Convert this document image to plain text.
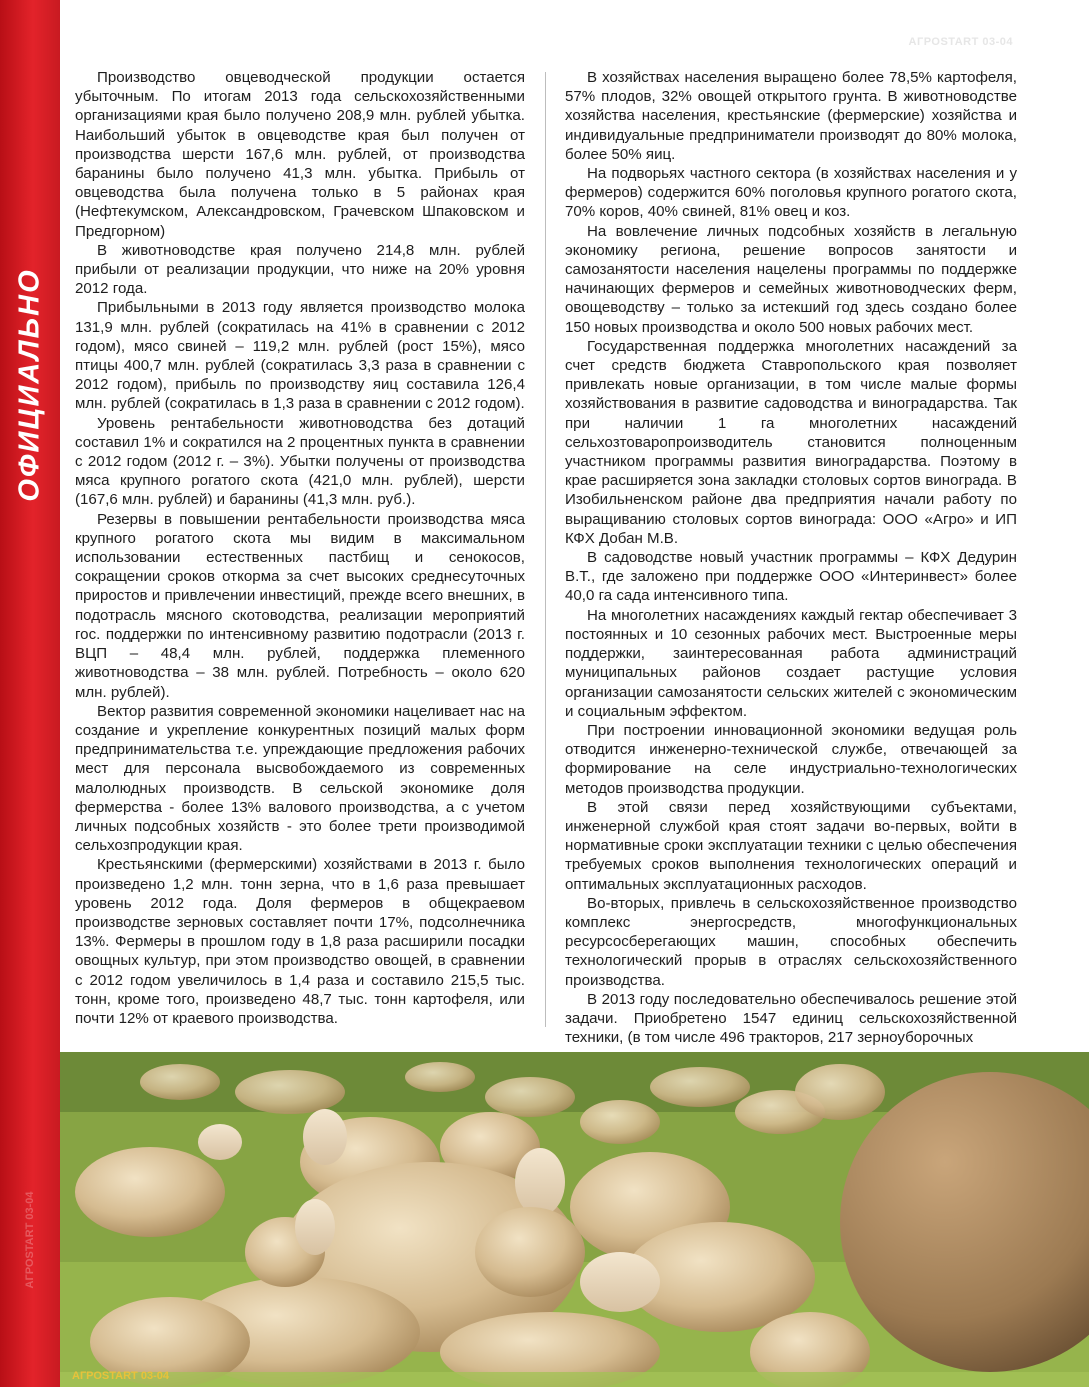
ОФИЦИАЛЬНО
АГРОSTART 03-04
АГРОSTART 03-04

Производство овцеводческой продукции остается убыточным. По итогам 2013 года сельскохозяйственными организациями края было получено 208,9 млн. рублей убытка. Наибольший убыток в овцеводстве края был получен от производства шерсти 167,6 млн. рублей, от производства баранины было получено 41,3 млн. убытка. Прибыль от овцеводства была получена только в 5 районах края (Нефтекумском, Александровском, Грачевском Шпаковском и Предгорном)

В животноводстве края получено 214,8 млн. рублей прибыли от реализации продукции, что ниже на 20% уровня 2012 года.

Прибыльными в 2013 году является производство молока 131,9 млн. рублей (сократилась на 41% в сравнении с 2012 годом), мясо свиней – 119,2 млн. рублей (рост 15%), мясо птицы 400,7 млн. рублей (сократилась 3,3 раза в сравнении с 2012 годом), прибыль по производству яиц составила 126,4 млн. рублей (сократилась в 1,3 раза в сравнении с 2012 годом).

Уровень рентабельности животноводства без дотаций составил 1% и сократился на 2 процентных пункта в сравнении с 2012 годом (2012 г. – 3%). Убытки получены от производства мяса крупного рогатого скота (421,0 млн. рублей), шерсти (167,6 млн. рублей) и баранины (41,3 млн. руб.).

Резервы в повышении рентабельности производства мяса крупного рогатого скота мы видим в максимальном использовании естественных пастбищ и сенокосов, сокращении сроков откорма за счет высоких среднесуточных приростов и привлечении инвестиций, прежде всего внешних, в подотрасль мясного скотоводства, реализации мероприятий гос. поддержки по интенсивному развитию подотрасли (2013 г. ВЦП – 48,4 млн. рублей, поддержка племенного животноводства – 38 млн. рублей. Потребность – около 620 млн. рублей).

Вектор развития современной экономики нацеливает нас на создание и укрепление конкурентных позиций малых форм предпринимательства т.е. упреждающие предложения рабочих мест для персонала высвобождаемого из современных малолюдных производств. В сельской экономике доля фермерства - более 13% валового производства, а с учетом личных подсобных хозяйств - это более трети производимой сельхозпродукции края.

Крестьянскими (фермерскими) хозяйствами в 2013 г. было произведено 1,2 млн. тонн зерна, что в 1,6 раза превышает уровень 2012 года. Доля фермеров в общекраевом производстве зерновых составляет почти 17%, подсолнечника 13%. Фермеры в прошлом году в 1,8 раза расширили посадки овощных культур, при этом производство овощей, в сравнении с 2012 годом увеличилось в 1,4 раза и составило 215,5 тыс. тонн, кроме того, произведено 48,7 тыс. тонн картофеля, или почти 12% от краевого производства.

В хозяйствах населения выращено более 78,5% картофеля, 57% плодов, 32% овощей открытого грунта. В животноводстве хозяйства населения, крестьянские (фермерские) хозяйства и индивидуальные предприниматели производят до 80% молока, более 50% яиц.

На подворьях частного сектора (в хозяйствах населения и у фермеров) содержится 60% поголовья крупного рогатого скота, 70% коров, 40% свиней, 81% овец и коз.

На вовлечение личных подсобных хозяйств в легальную экономику региона, решение вопросов занятости и самозанятости населения нацелены программы по поддержке начинающих фермеров и семейных животноводческих ферм, овощеводству – только за истекший год здесь создано более 150 новых производства и около 500 новых рабочих мест.

Государственная поддержка многолетних насаждений за счет средств бюджета Ставропольского края позволяет привлекать новые организации, в том числе малые формы хозяйствования в развитие садоводства и виноградарства. Так при наличии 1 га многолетних насаждений сельхозтоваропроизводитель становится полноценным участником программы развития виноградарства. Поэтому в крае расширяется зона закладки столовых сортов винограда. В Изобильненском районе два предприятия начали работу по выращиванию столовых сортов винограда: ООО «Агро» и ИП КФХ Добан М.В.

В садоводстве новый участник программы – КФХ Дедурин В.Т., где заложено при поддержке ООО «Интеринвест» более 40,0 га сада интенсивного типа.

На многолетних насаждениях каждый гектар обеспечивает 3 постоянных и 10 сезонных рабочих мест. Выстроенные меры поддержки, заинтересованная работа администраций муниципальных районов создает растущие условия организации самозанятости сельских жителей с экономическим и социальным эффектом.

При построении инновационной экономики ведущая роль отводится инженерно-технической службе, отвечающей за формирование на селе индустриально-технологических методов производства продукции.

В этой связи перед хозяйствующими субъектами, инженерной службой края стоят задачи во-первых, войти в нормативные сроки эксплуатации техники с целью обеспечения требуемых сроков выполнения технологических операций и оптимальных эксплуатационных расходов.

Во-вторых, привлечь в сельскохозяйственное производство комплекс энергосредств, многофункциональных ресурсосберегающих машин, способных обеспечить технологический прорыв в отраслях сельскохозяйственного производства.

В 2013 году последовательно обеспечивалось решение этой задачи. Приобретено 1547 единиц сельскохозяйственной техники, (в том числе 496 тракторов, 217 зерноуборочных

АГРОSTART 03-04
